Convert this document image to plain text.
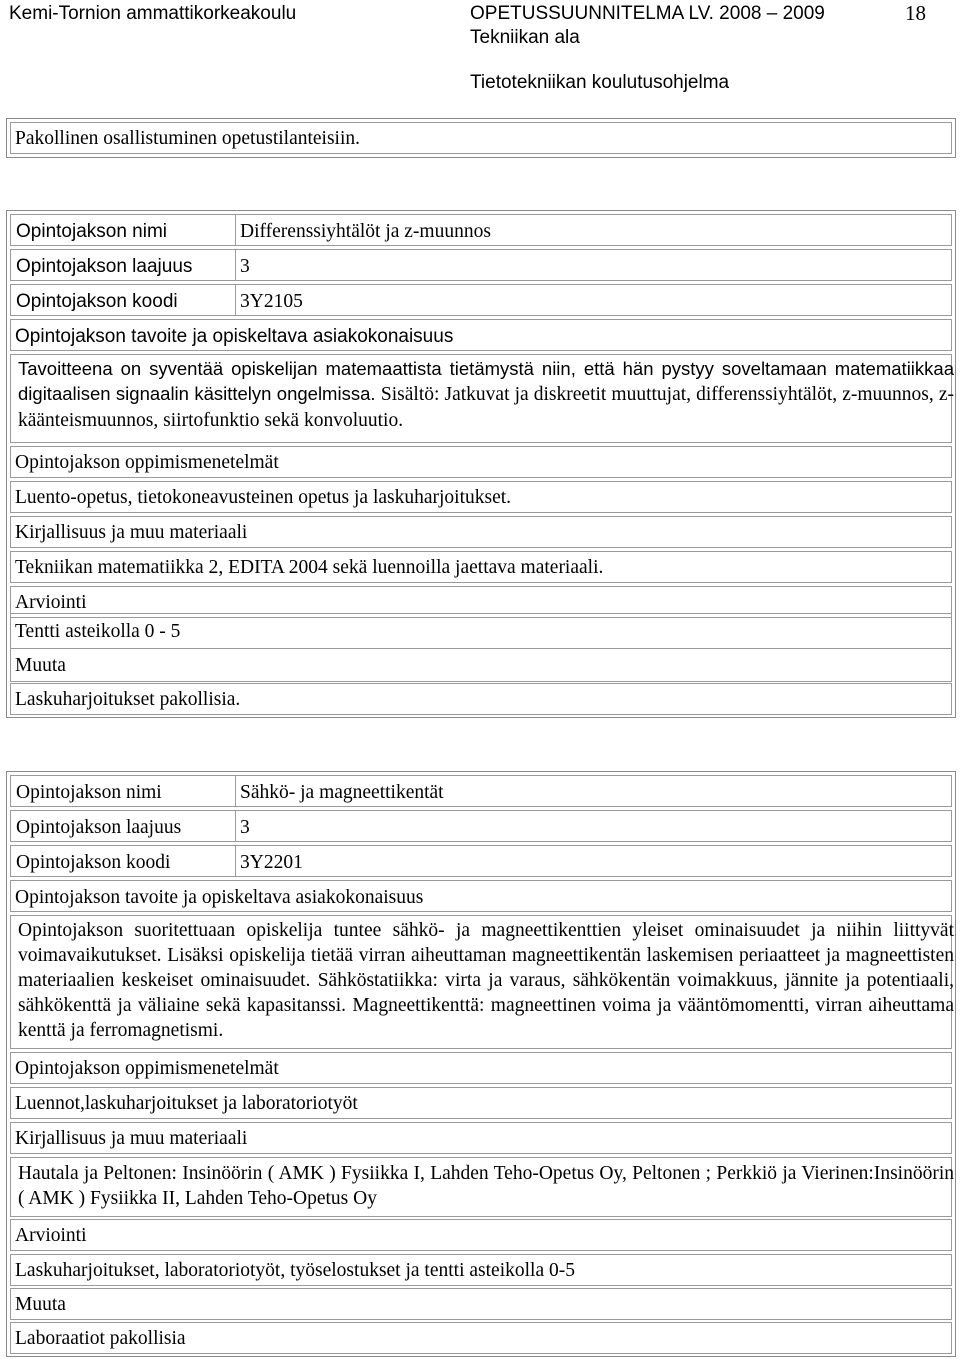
Kemi-Tornion ammattikorkeakoulu	OPETUSSUUNNITELMA LV. 2008 – 2009	18
Tekniikan ala
Tietotekniikan koulutusohjelma
Pakollinen osallistuminen opetustilanteisiin.
Opintojakson nimi	Differenssiyhtälöt ja z-muunnos
Opintojakson laajuus 3
Opintojakson koodi	3Y2105
Opintojakson tavoite ja opiskeltava asiakokonaisuus
Tavoitteena on syventää opiskelijan matemaattista tietämystä niin, että hän pystyy soveltamaan matematiikkaa digitaalisen signaalin käsittelyn ongelmissa. Sisältö: Jatkuvat ja diskreetit muuttujat, differenssiyhtälöt, z-muunnos, z-käänteismuunnos, siirtofunktio sekä konvoluutio.
Opintojakson oppimismenetelmät
Luento-opetus, tietokoneavusteinen opetus ja laskuharjoitukset.
Kirjallisuus ja muu materiaali
Tekniikan matematiikka 2, EDITA 2004 sekä luennoilla jaettava materiaali.
Arviointi
Tentti asteikolla 0 - 5
Muuta
Laskuharjoitukset pakollisia.
Opintojakson nimi	Sähkö- ja magneettikentät
Opintojakson laajuus	3
Opintojakson koodi	3Y2201
Opintojakson tavoite ja opiskeltava asiakokonaisuus
Opintojakson suoritettuaan opiskelija tuntee sähkö- ja magneettikenttien yleiset ominaisuudet ja niihin liittyvät voimavaikutukset. Lisäksi opiskelija tietää virran aiheuttaman magneettikentän laskemisen periaatteet ja magneettisten materiaalien keskeiset ominaisuudet. Sähköstatiikka: virta ja varaus, sähkökentän voimakkuus, jännite ja potentiaali, sähkökenttä ja väliaine sekä kapasitanssi. Magneettikenttä: magneettinen voima ja vääntömomentti, virran aiheuttama kenttä ja ferromagnetismi.
Opintojakson oppimismenetelmät
Luennot,laskuharjoitukset ja laboratoriotyöt
Kirjallisuus ja muu materiaali
Hautala ja Peltonen: Insinöörin ( AMK ) Fysiikka I, Lahden Teho-Opetus Oy, Peltonen ; Perkkiö ja Vierinen:Insinöörin ( AMK ) Fysiikka II, Lahden Teho-Opetus Oy
Arviointi
Laskuharjoitukset, laboratoriotyöt, työselostukset ja tentti asteikolla 0-5
Muuta
Laboraatiot pakollisia
